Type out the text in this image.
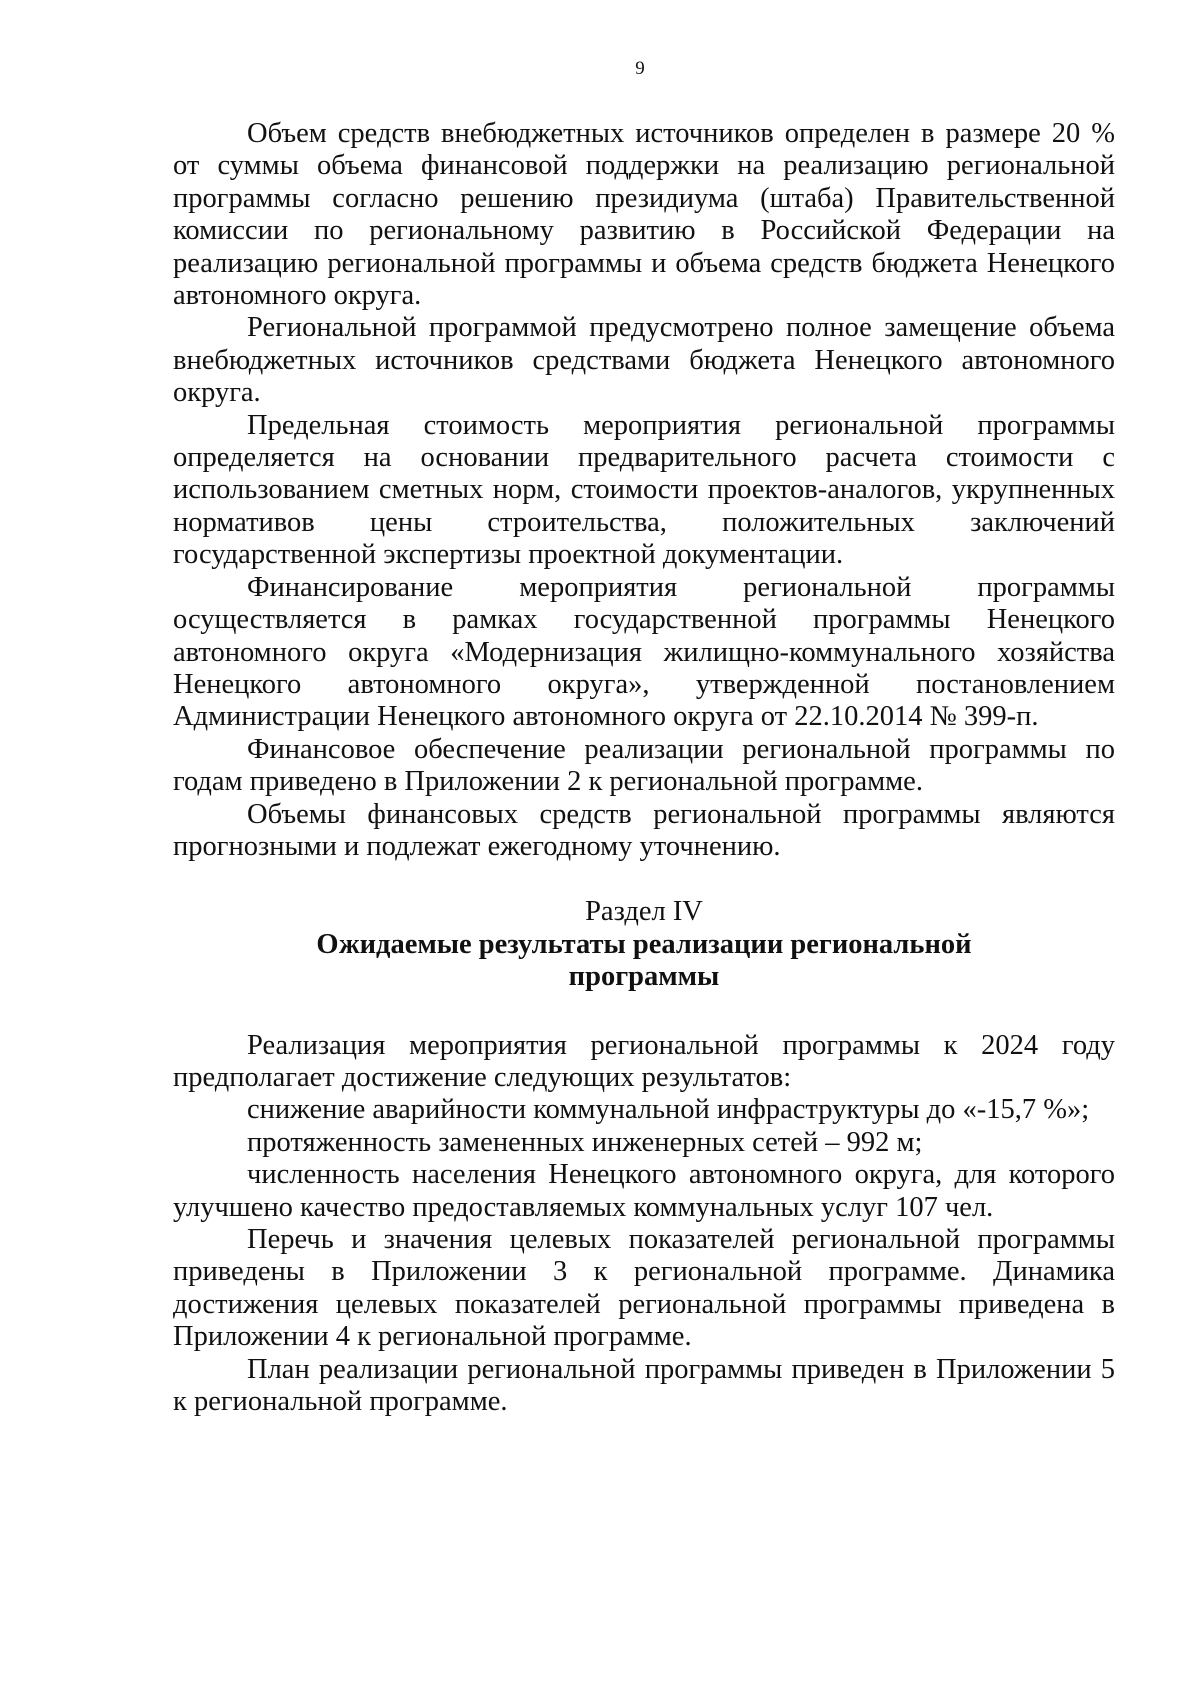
9

Объем средств внебюджетных источников определен в размере 20 % от суммы объема финансовой поддержки на реализацию региональной программы согласно решению президиума (штаба) Правительственной комиссии по региональному развитию в Российской Федерации на реализацию региональной программы и объема средств бюджета Ненецкого автономного округа.

Региональной программой предусмотрено полное замещение объема внебюджетных источников средствами бюджета Ненецкого автономного округа.

Предельная стоимость мероприятия региональной программы определяется на основании предварительного расчета стоимости с использованием сметных норм, стоимости проектов-аналогов, укрупненных нормативов цены строительства, положительных заключений государственной экспертизы проектной документации.

Финансирование мероприятия региональной программы осуществляется в рамках государственной программы Ненецкого автономного округа «Модернизация жилищно-коммунального хозяйства Ненецкого автономного округа», утвержденной постановлением Администрации Ненецкого автономного округа от 22.10.2014 № 399-п.

Финансовое обеспечение реализации региональной программы по годам приведено в Приложении 2 к региональной программе.

Объемы финансовых средств региональной программы являются прогнозными и подлежат ежегодному уточнению.

Раздел IV

Ожидаемые результаты реализации региональной программы

Реализация мероприятия региональной программы к 2024 году предполагает достижение следующих результатов:

снижение аварийности коммунальной инфраструктуры до «-15,7 %»;

протяженность замененных инженерных сетей – 992 м;

численность населения Ненецкого автономного округа, для которого улучшено качество предоставляемых коммунальных услуг 107 чел.

Перечь и значения целевых показателей региональной программы приведены в Приложении 3 к региональной программе. Динамика достижения целевых показателей региональной программы приведена в Приложении 4 к региональной программе.

План реализации региональной программы приведен в Приложении 5 к региональной программе.
